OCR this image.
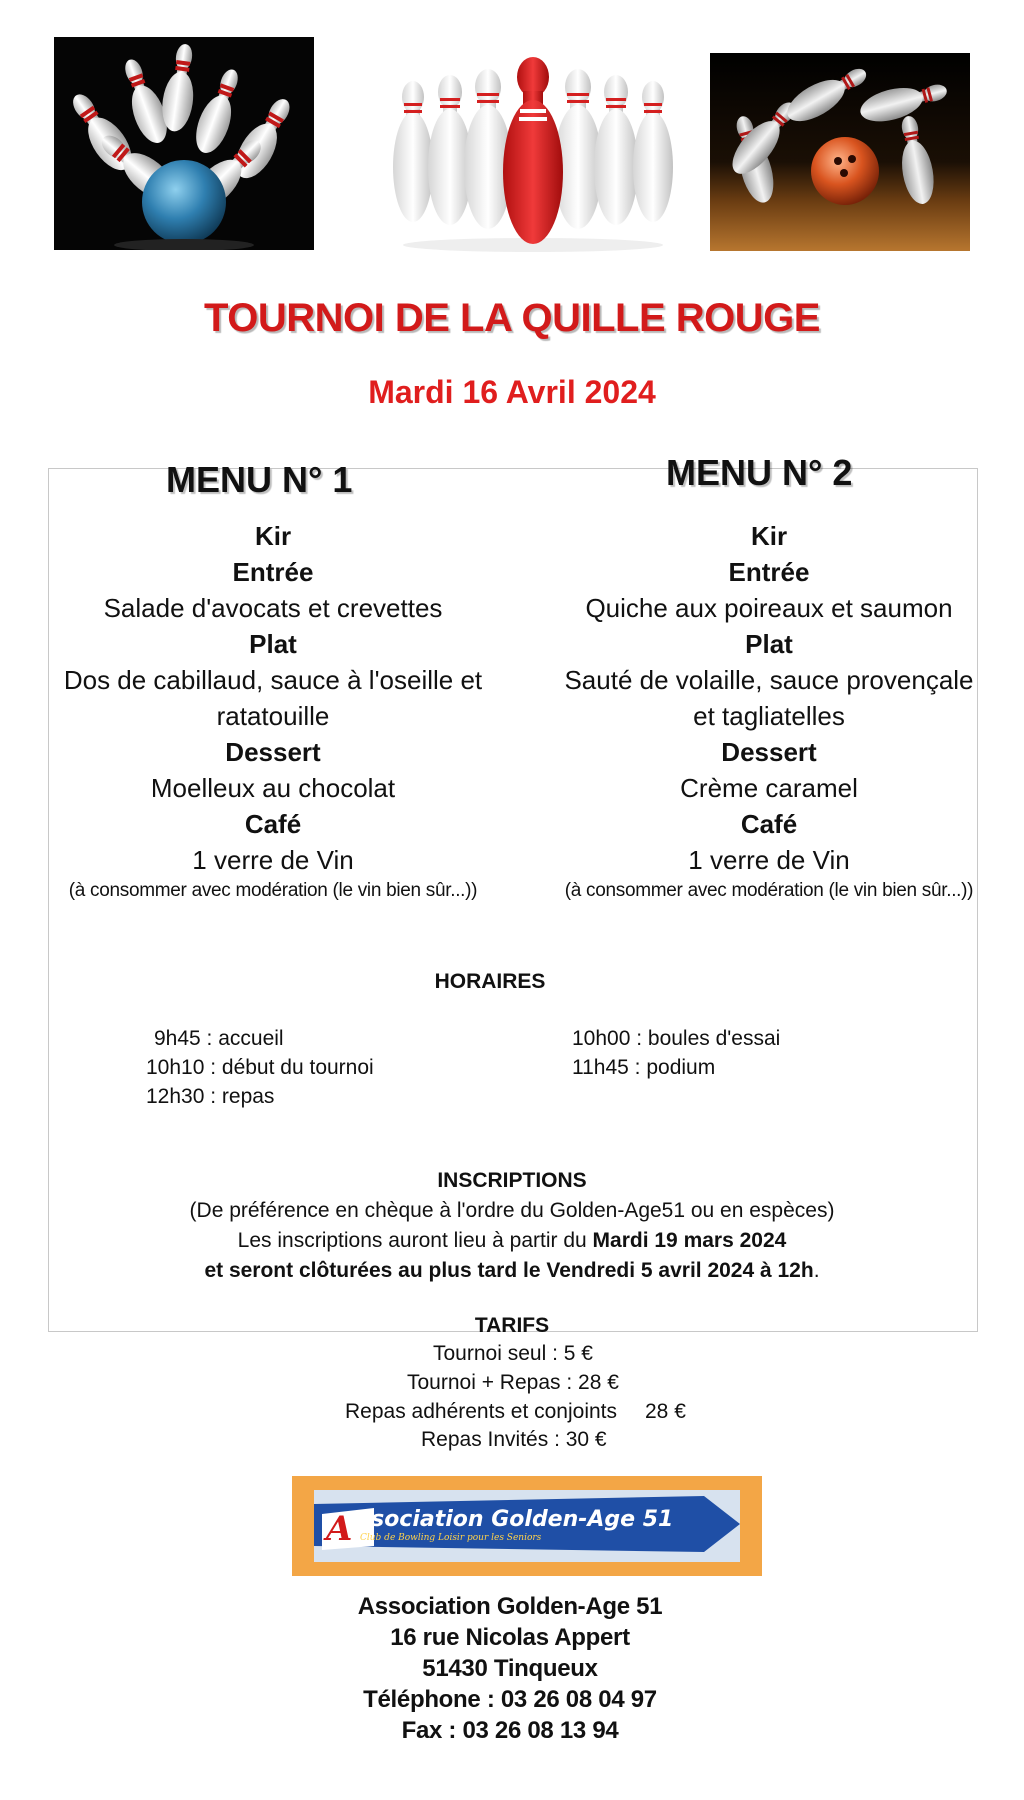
TOURNOI DE LA QUILLE ROUGE
Mardi 16 Avril 2024
MENU N° 1	MENU N° 2
Kir
Entrée
Salade d'avocats et crevettes
Plat
Dos de cabillaud, sauce à l'oseille et
ratatouille
Dessert
Moelleux au chocolat
Café
1 verre de Vin
(à consommer avec modération (le vin bien sûr...))
Kir
Entrée
Quiche aux poireaux et saumon
Plat
Sauté de volaille, sauce provençale
et tagliatelles
Dessert
Crème caramel
Café
1 verre de Vin
(à consommer avec modération (le vin bien sûr...))
HORAIRES
9h45 : accueil
10h10 : début du tournoi
12h30 : repas
10h00 : boules d'essai
11h45 : podium
INSCRIPTIONS
(De préférence en chèque à l'ordre du Golden-Age51 ou en espèces)
Les inscriptions auront lieu à partir du Mardi 19 mars 2024
et seront clôturées au plus tard le Vendredi 5 avril 2024 à 12h.
TARIFS
Tournoi seul : 5 €
Tournoi + Repas : 28 €
Repas adhérents et conjoints 28 €
Repas Invités : 30 €
A ssociation Golden-Age 51
Club de Bowling Loisir pour les Seniors
Association Golden-Age 51
16 rue Nicolas Appert
51430 Tinqueux
Téléphone : 03 26 08 04 97
Fax : 03 26 08 13 94
